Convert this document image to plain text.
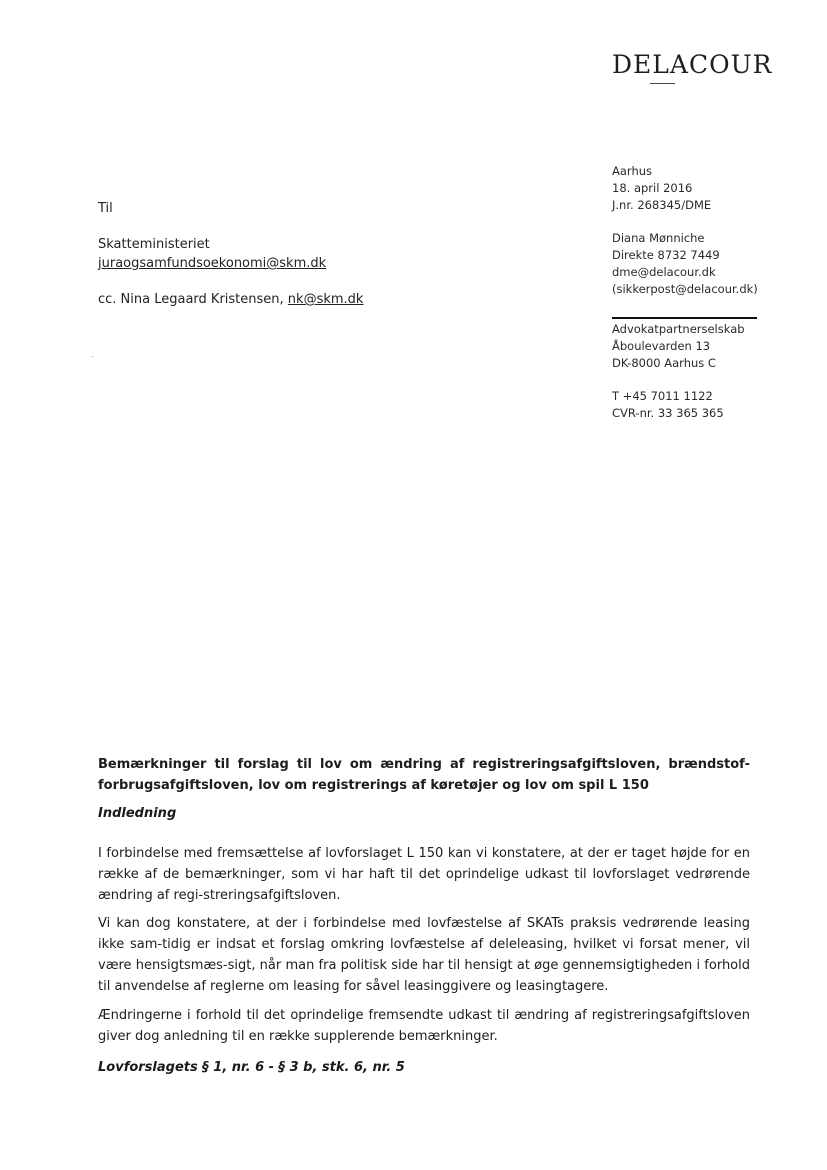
DELACOUR
Aarhus
18. april 2016
J.nr. 268345/DME
Diana Mønniche
Direkte 8732 7449
dme@delacour.dk
(sikkerpost@delacour.dk)
Advokatpartnerselskab
Åboulevarden 13
DK-8000 Aarhus C
T +45 7011 1122
CVR-nr. 33 365 365
Til
Skatteministeriet
juraogsamfundsoekonomi@skm.dk
cc. Nina Legaard Kristensen, nk@skm.dk
Bemærkninger til forslag til lov om ændring af registreringsafgiftsloven, brændstof-forbrugsafgiftsloven, lov om registrerings af køretøjer og lov om spil L 150
Indledning
I forbindelse med fremsættelse af lovforslaget L 150 kan vi konstatere, at der er taget højde for en række af de bemærkninger, som vi har haft til det oprindelige udkast til lovforslaget vedrørende ændring af regi-streringsafgiftsloven.
Vi kan dog konstatere, at der i forbindelse med lovfæstelse af SKATs praksis vedrørende leasing ikke sam-tidig er indsat et forslag omkring lovfæstelse af deleleasing, hvilket vi forsat mener, vil være hensigtsmæs-sigt, når man fra politisk side har til hensigt at øge gennemsigtigheden i forhold til anvendelse af reglerne om leasing for såvel leasinggivere og leasingtagere.
Ændringerne i forhold til det oprindelige fremsendte udkast til ændring af registreringsafgiftsloven giver dog anledning til en række supplerende bemærkninger.
Lovforslagets § 1, nr. 6 - § 3 b, stk. 6, nr. 5
